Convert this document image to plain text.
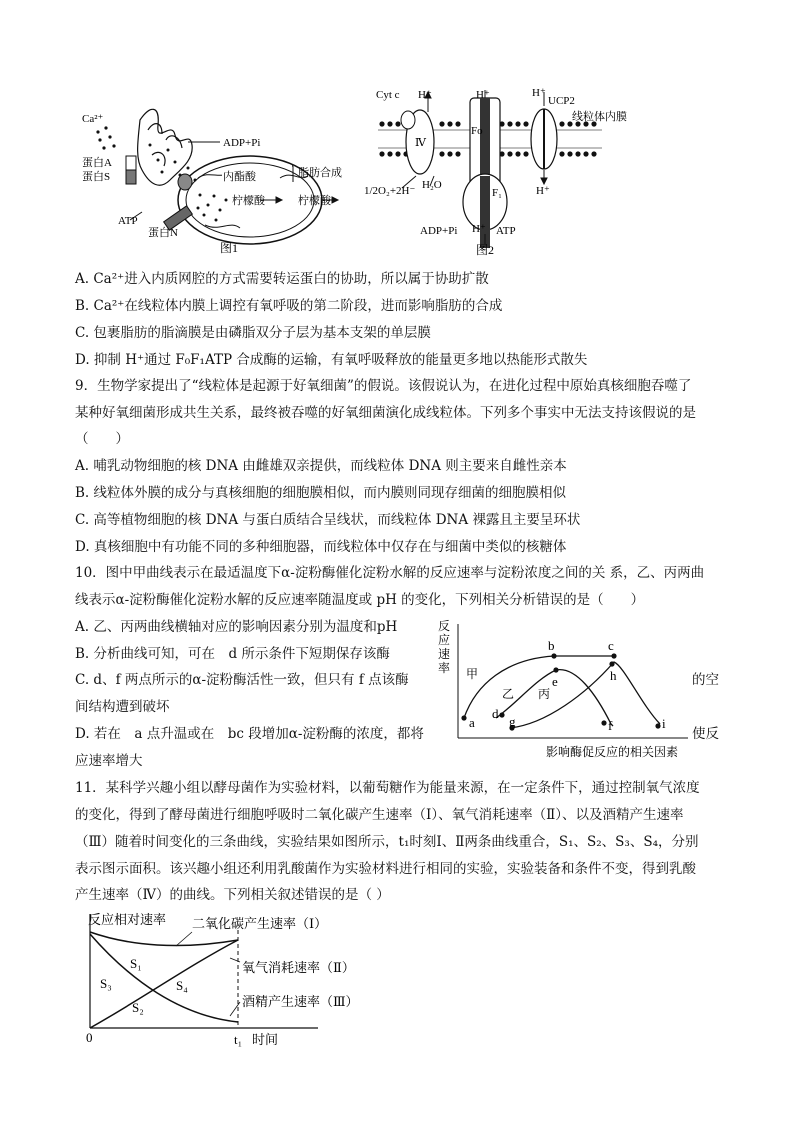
Ca²⁺
ADP+Pi
蛋白A
蛋白S
ATP
蛋白N
内酯酸
柠檬酸
脂肪合成
柠檬酸
图1
Cyt c H⁺	H⁺	H⁺
UCP2
线粒体内膜
Ⅳ
Fo
F₁
1/2O₂+2H⁻ H₂O	H⁺
ADP+Pi H⁺ ATP
图2
A. Ca²⁺进入内质网腔的方式需要转运蛋白的协助，所以属于协助扩散
B. Ca²⁺在线粒体内膜上调控有氧呼吸的第二阶段，进而影响脂肪的合成
C. 包裹脂肪的脂滴膜是由磷脂双分子层为基本支架的单层膜
D. 抑制 H⁺通过 F₀F₁ATP 合成酶的运输，有氧呼吸释放的能量更多地以热能形式散失
9．生物学家提出了“线粒体是起源于好氧细菌”的假说。该假说认为，在进化过程中原始真核细胞吞噬了
某种好氧细菌形成共生关系，最终被吞噬的好氧细菌演化成线粒体。下列多个事实中无法支持该假说的是
（　　）
A. 哺乳动物细胞的核 DNA 由雌雄双亲提供，而线粒体 DNA 则主要来自雌性亲本
B. 线粒体外膜的成分与真核细胞的细胞膜相似，而内膜则同现存细菌的细胞膜相似
C. 高等植物细胞的核 DNA 与蛋白质结合呈线状，而线粒体 DNA 裸露且主要呈环状
D. 真核细胞中有功能不同的多种细胞器，而线粒体中仅存在与细菌中类似的核糖体
10．图中甲曲线表示在最适温度下α-淀粉酶催化淀粉水解的反应速率与淀粉浓度之间的关 系，乙、丙两曲
线表示α-淀粉酶催化淀粉水解的反应速率随温度或 pH 的变化，下列相关分析错误的是（　　）
A. 乙、丙两曲线横轴对应的影响因素分别为温度和pH
B. 分析曲线可知，可在　d 所示条件下短期保存该酶
C. d、f 两点所示的α-淀粉酶活性一致，但只有 f 点该酶	的空
间结构遭到破坏
D. 若在　a 点升温或在　bc 段增加α-淀粉酶的浓度，都将	使反
应速率增大
反
应
速
率
a
b	c
d
e
f
g
h
i
甲
乙 丙
影响酶促反应的相关因素
11．某科学兴趣小组以酵母菌作为实验材料，以葡萄糖作为能量来源，在一定条件下，通过控制氧气浓度
的变化，得到了酵母菌进行细胞呼吸时二氧化碳产生速率（Ⅰ）、氧气消耗速率（Ⅱ）、以及酒精产生速率
（Ⅲ）随着时间变化的三条曲线，实验结果如图所示，t₁时刻Ⅰ、Ⅱ两条曲线重合，S₁、S₂、S₃、S₄，分别
表示图示面积。该兴趣小组还利用乳酸菌作为实验材料进行相同的实验，实验装备和条件不变，得到乳酸
产生速率（Ⅳ）的曲线。下列相关叙述错误的是（ ）
反应相对速率 二氧化碳产生速率（Ⅰ）
氧气消耗速率（Ⅱ）
酒精产生速率（Ⅲ）
S₁
S₃	S₄
S₂
0	t₁ 时间
